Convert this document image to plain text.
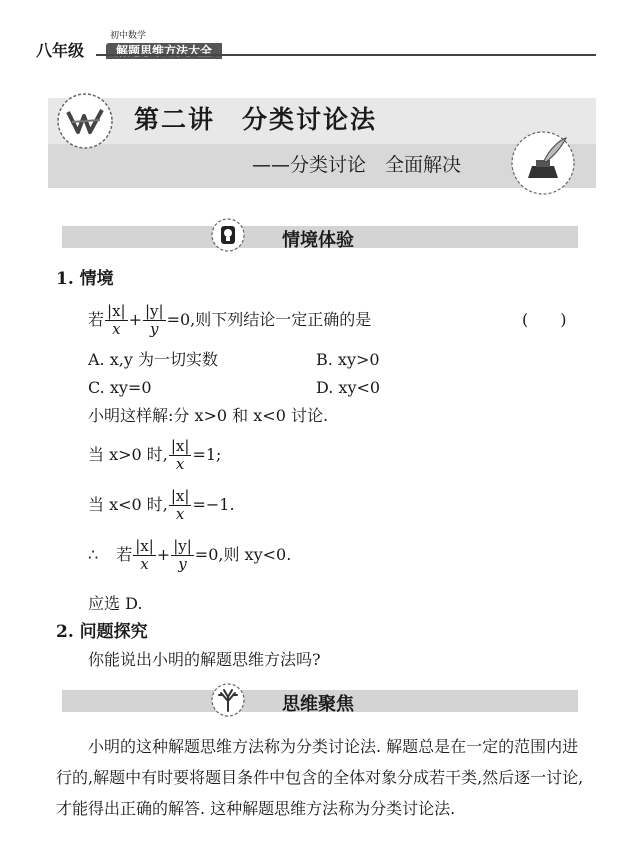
八年级
初中数学
解题思维方法大全
第二讲　分类讨论法
——分类讨论　全面解决
情境体验
1. 情境
若 $\frac{|x|}{x} + \frac{|y|}{y} =0$,则下列结论一定正确的是	(　　)
A. x,y 为一切实数	B. xy>0
C. xy=0	D. xy<0
小明这样解:分 x>0 和 x<0 讨论.
当 x>0 时, $\frac{|x|}{x} =1$;
当 x<0 时, $\frac{|x|}{x} =-1$.
∴ 若 $\frac{|x|}{x} + \frac{|y|}{y} =0$,则 xy<0.
应选 D.
2. 问题探究
你能说出小明的解题思维方法吗?
思维聚焦
小明的这种解题思维方法称为分类讨论法. 解题总是在一定的范围内进行的,解题中有时要将题目条件中包含的全体对象分成若干类,然后逐一讨论,才能得出正确的解答. 这种解题思维方法称为分类讨论法.
